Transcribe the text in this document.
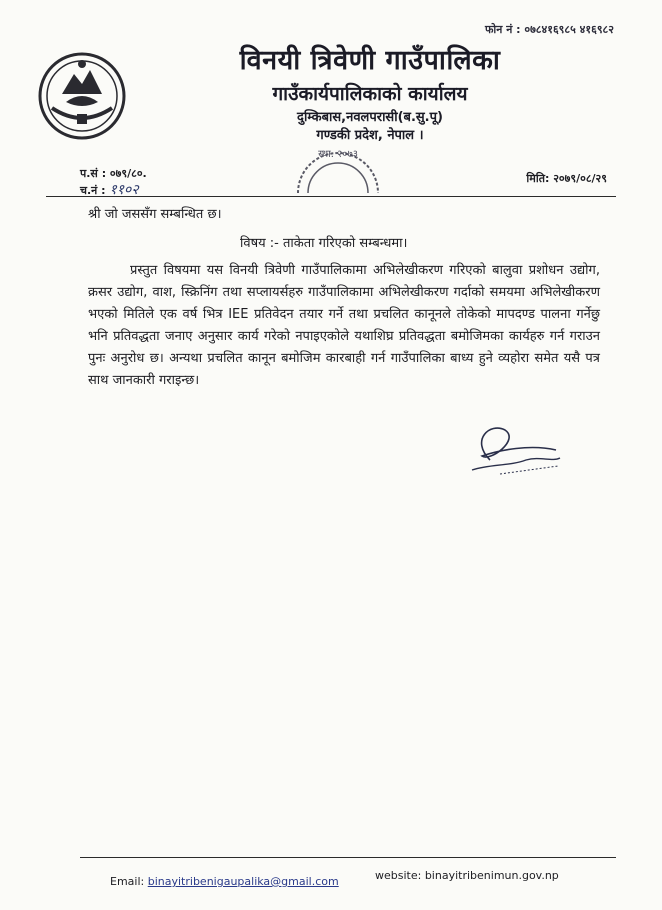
फोन नं : ०७८४१६९८५ ४१६९८२
विनयी त्रिवेणी गाउँपालिका
गाउँकार्यपालिकाको कार्यालय
दुम्किबास,नवलपरासी(ब.सु.पू)
गण्डकी प्रदेश, नेपाल ।
स्था. २०७३
प.सं : ०७९/८०.
च.नं : ११०२
मिति: २०७९/०८/२९
श्री जो जससँग सम्बन्धित छ।
विषय :- ताकेता गरिएको सम्बन्धमा।
प्रस्तुत विषयमा यस विनयी त्रिवेणी गाउँपालिकामा अभिलेखीकरण गरिएको बालुवा प्रशोधन उद्योग, क्रसर उद्योग, वाश, स्क्रिनिंग तथा सप्लायर्सहरु गाउँपालिकामा अभिलेखीकरण गर्दाको समयमा अभिलेखीकरण भएको मितिले एक वर्ष भित्र IEE प्रतिवेदन तयार गर्ने तथा प्रचलित कानूनले तोकेको मापदण्ड पालना गर्नेछु भनि प्रतिवद्धता जनाए अनुसार कार्य गरेको नपाइएकोले यथाशिघ्र प्रतिवद्धता बमोजिमका कार्यहरु गर्न गराउन पुनः अनुरोध छ। अन्यथा प्रचलित कानून बमोजिम कारबाही गर्न गाउँपालिका बाध्य हुने व्यहोरा समेत यसै पत्र साथ जानकारी गराइन्छ।
Email: binayitribenigaupalika@gmail.com	website: binayitribenimun.gov.np
